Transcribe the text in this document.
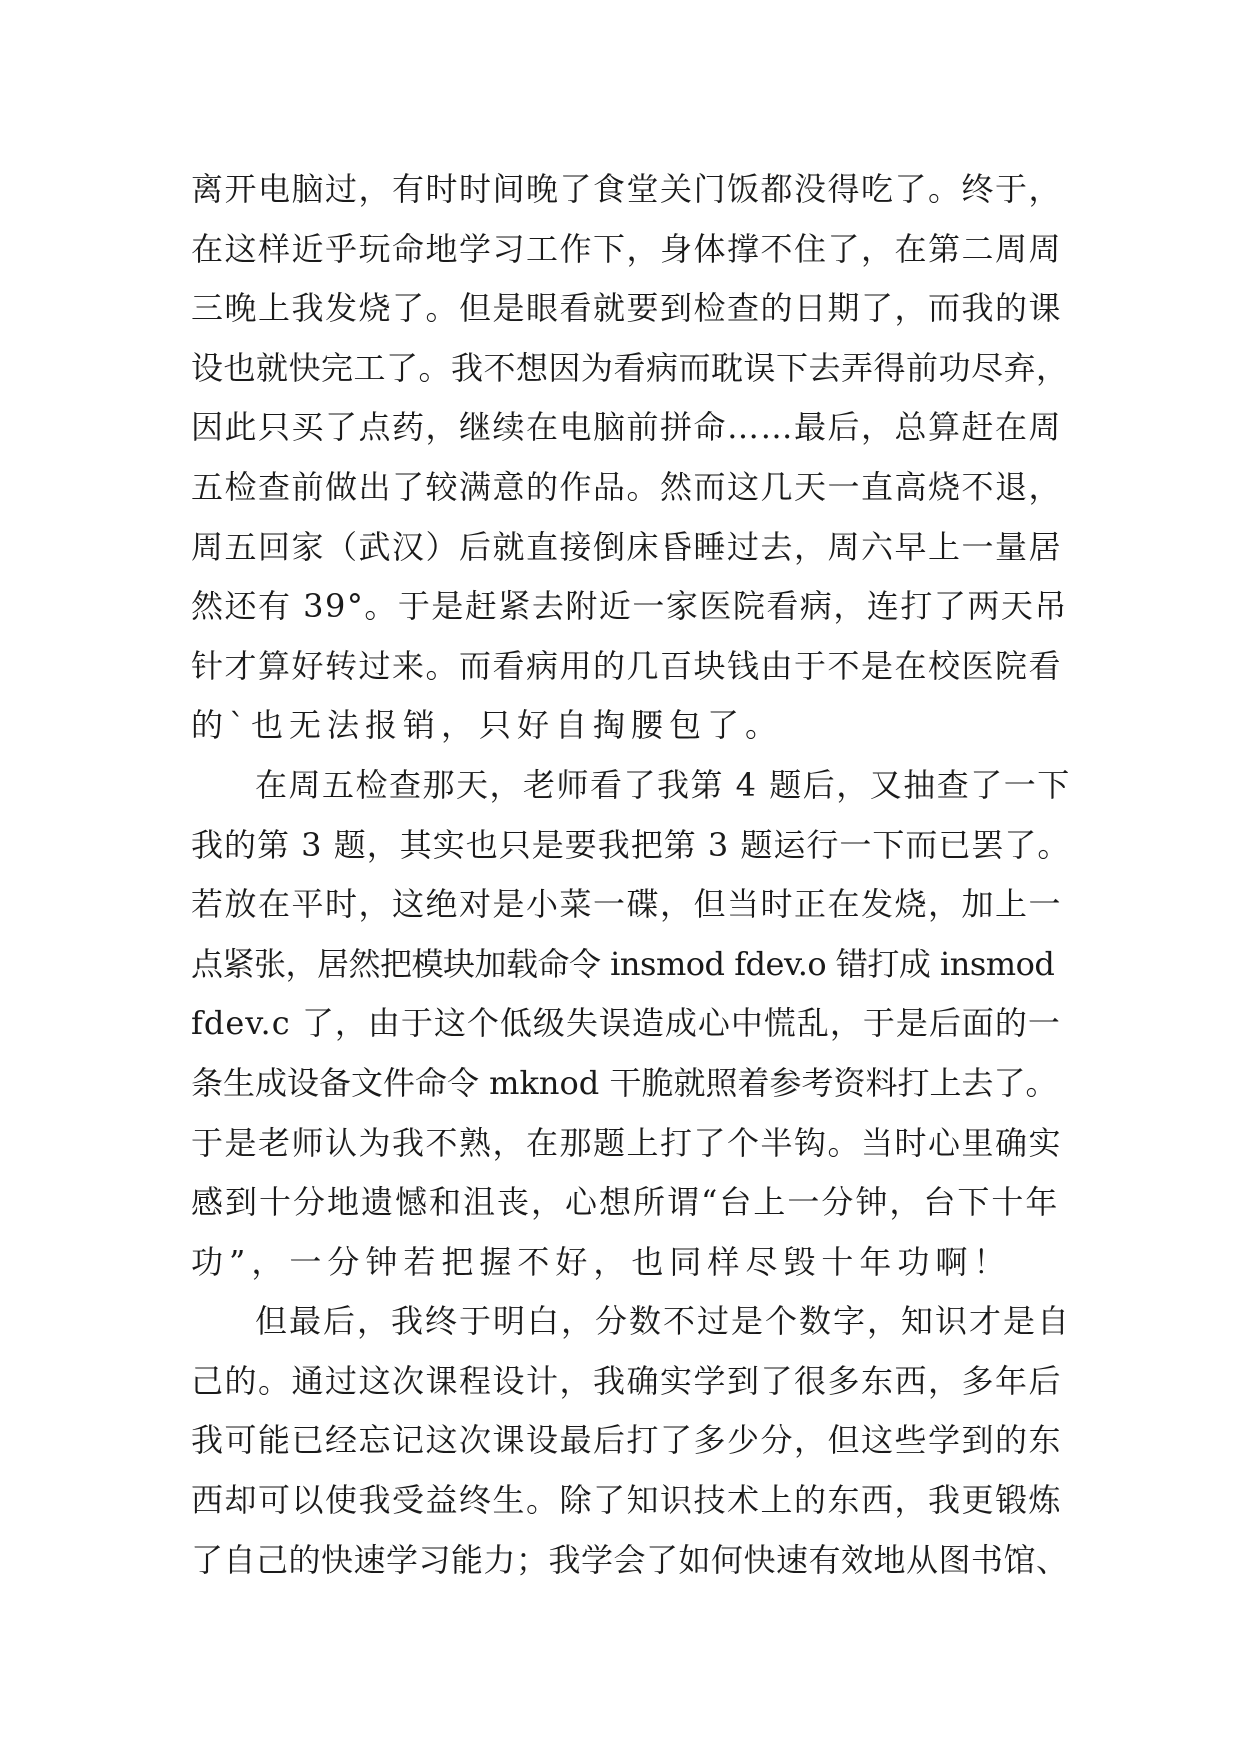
离开电脑过，有时时间晚了食堂关门饭都没得吃了。终于，
在这样近乎玩命地学习工作下，身体撑不住了，在第二周周
三晚上我发烧了。但是眼看就要到检查的日期了，而我的课
设也就快完工了。我不想因为看病而耽误下去弄得前功尽弃，
因此只买了点药，继续在电脑前拼命……最后，总算赶在周
五检查前做出了较满意的作品。然而这几天一直高烧不退，
周五回家（武汉）后就直接倒床昏睡过去，周六早上一量居
然还有 39°。于是赶紧去附近一家医院看病，连打了两天吊
针才算好转过来。而看病用的几百块钱由于不是在校医院看
的`也无法报销，只好自掏腰包了。
在周五检查那天，老师看了我第 4 题后，又抽查了一下
我的第 3 题，其实也只是要我把第 3 题运行一下而已罢了。
若放在平时，这绝对是小菜一碟，但当时正在发烧，加上一
点紧张，居然把模块加载命令 insmod fdev.o 错打成 insmod
fdev.c 了，由于这个低级失误造成心中慌乱，于是后面的一
条生成设备文件命令 mknod 干脆就照着参考资料打上去了。
于是老师认为我不熟，在那题上打了个半钩。当时心里确实
感到十分地遗憾和沮丧，心想所谓“台上一分钟，台下十年
功”，一分钟若把握不好，也同样尽毁十年功啊！
但最后，我终于明白，分数不过是个数字，知识才是自
己的。通过这次课程设计，我确实学到了很多东西，多年后
我可能已经忘记这次课设最后打了多少分，但这些学到的东
西却可以使我受益终生。除了知识技术上的东西，我更锻炼
了自己的快速学习能力；我学会了如何快速有效地从图书馆、
